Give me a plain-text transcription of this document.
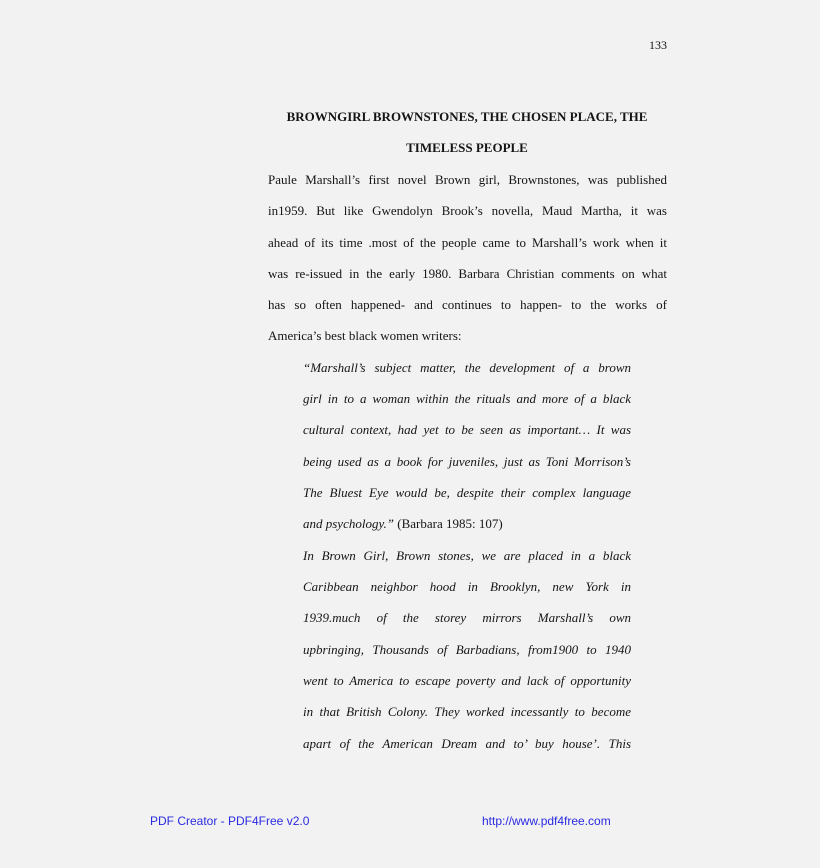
133
BROWNGIRL BROWNSTONES, THE CHOSEN PLACE, THE
TIMELESS PEOPLE
Paule Marshall’s first novel Brown girl, Brownstones, was published
in1959. But like Gwendolyn Brook’s novella, Maud Martha, it was
ahead of its time .most of the people came to Marshall’s work when it
was re-issued in the early 1980. Barbara Christian comments on what
has so often happened- and continues to happen- to the works of
America’s best black women writers:
“Marshall’s subject matter, the development of a brown
girl in to a woman within the rituals and more of a black
cultural context, had yet to be seen as important… It was
being used as a book for juveniles, just as Toni Morrison’s
The Bluest Eye would be, despite their complex language
and psychology.” (Barbara 1985: 107)
In Brown Girl, Brown stones, we are placed in a black
Caribbean neighbor hood in Brooklyn, new York in
1939.much of the storey mirrors Marshall’s own
upbringing, Thousands of Barbadians, from1900 to 1940
went to America to escape poverty and lack of opportunity
in that British Colony. They worked incessantly to become
apart of the American Dream and to’ buy house’. This
PDF Creator - PDF4Free v2.0	http://www.pdf4free.com
